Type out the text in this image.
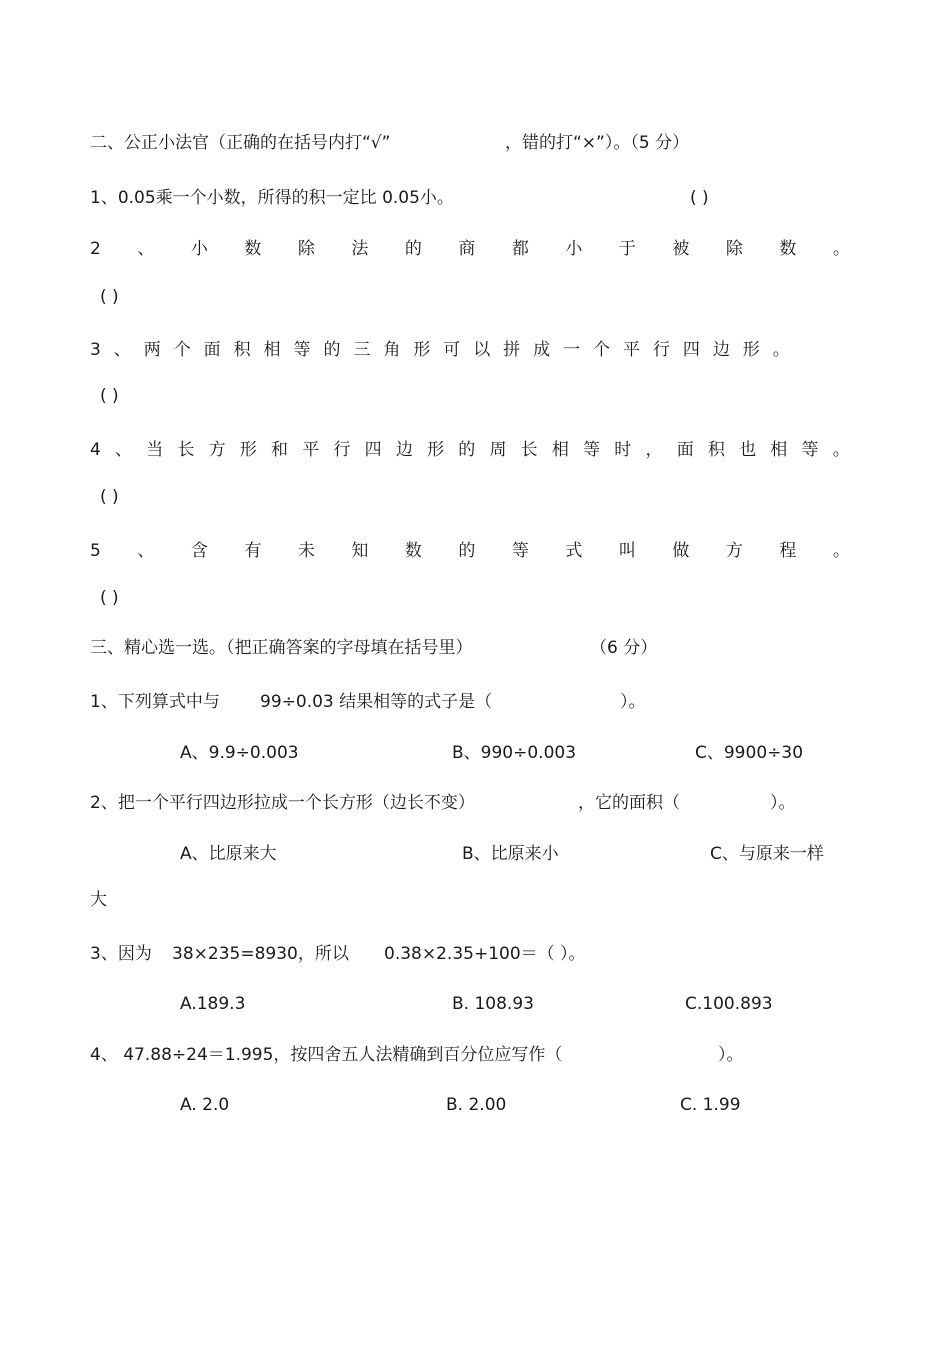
二、公正小法官（正确的在括号内打“√”	，错的打“×”）。（5 分）
1、0.05乘一个小数，所得的积一定比 0.05小。	( )
2 、 小 数 除 法 的 商 都 小 于 被 除 数 。
( )
3 、 两 个 面 积 相 等 的 三 角 形 可 以 拼 成 一 个 平 行 四 边 形 。
( )
4 、 当 长 方 形 和 平 行 四 边 形 的 周 长 相 等 时 ， 面 积 也 相 等 。
( )
5 、 含 有 未 知 数 的 等 式 叫 做 方 程 。
( )
三、精心选一选。（把正确答案的字母填在括号里）	（6 分）
1、下列算式中与 99÷0.03 结果相等的式子是（	）。
A、9.9÷0.003	B、990÷0.003	C、9900÷30
2、把一个平行四边形拉成一个长方形（边长不变）	，它的面积（	）。
A、比原来大	B、比原来小	C、与原来一样
大
3、因为 38×235=8930，所以 0.38×2.35+100＝（ ）。
A.189.3	B. 108.93	C.100.893
4、 47.88÷24＝1.995，按四舍五人法精确到百分位应写作（	）。
A. 2.0	B. 2.00	C. 1.99
